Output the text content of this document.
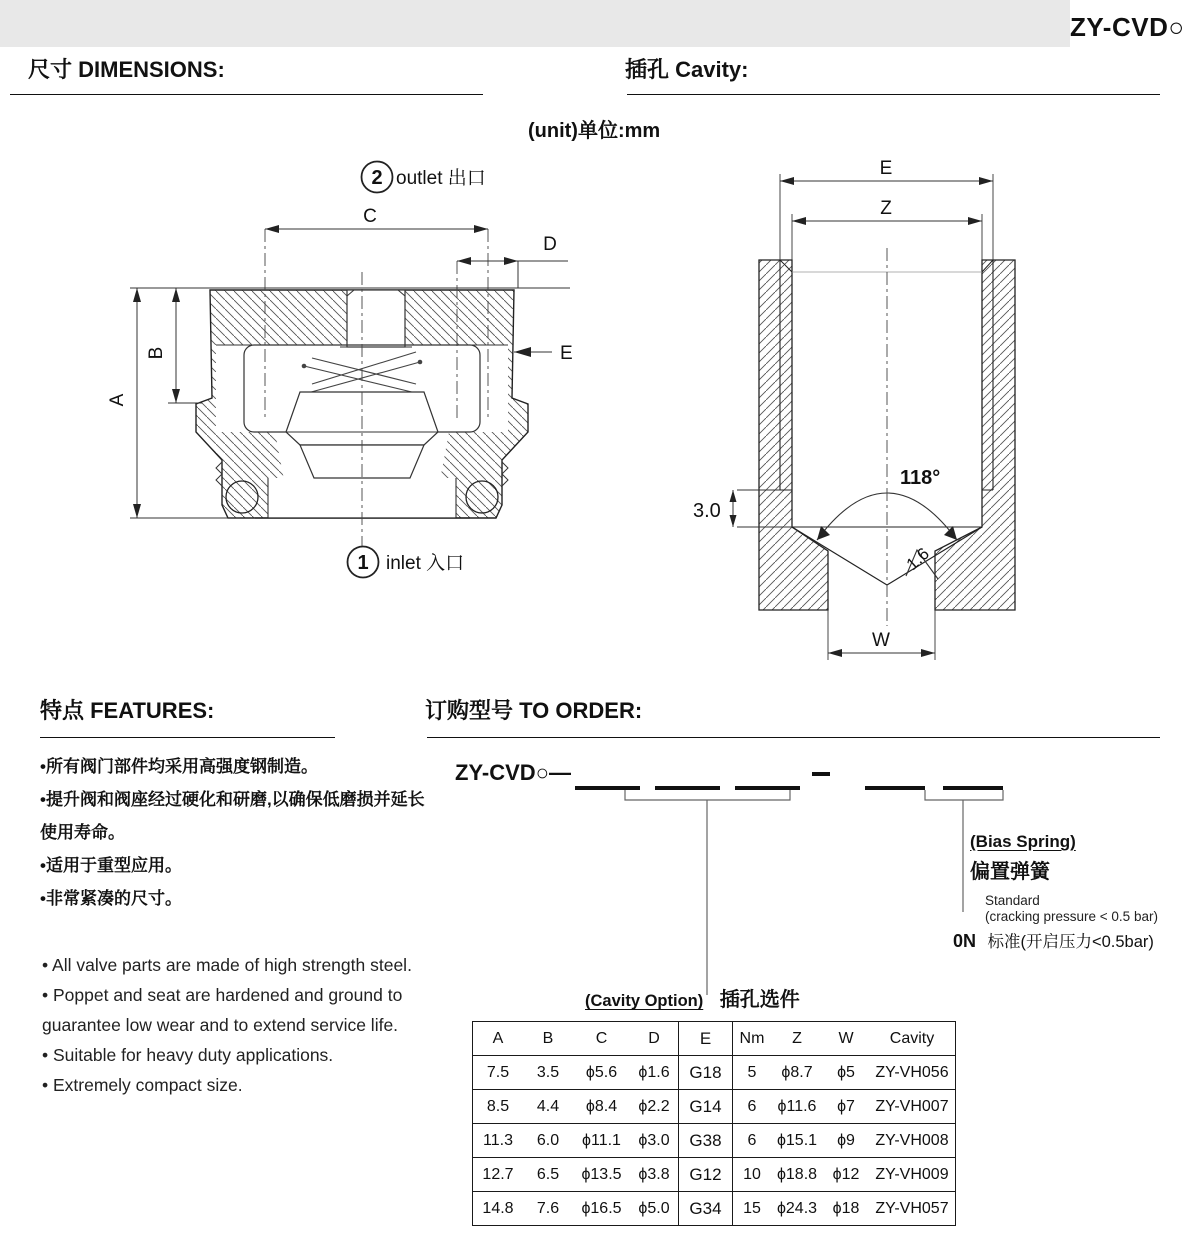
ZY-CVD○
尺寸 DIMENSIONS:	插孔 Cavity:
(unit)单位:mm
C
D
A
B	E
2 outlet 出口
1 inlet 入口
3.0
E
Z
W
118°
1.6
特点 FEATURES:
•所有阀门部件均采用高强度钢制造。
•提升阀和阀座经过硬化和研磨,以确保低磨损并延长使用寿命。
•适用于重型应用。
•非常紧凑的尺寸。
• All valve parts are made of high strength steel.
• Poppet and seat are hardened and ground to guarantee low wear and to extend service life.
• Suitable for heavy duty applications.
• Extremely compact size.
订购型号 TO ORDER:
ZY-CVD○—
(Bias Spring)
偏置弹簧
Standard
(cracking pressure < 0.5 bar)
0N 标准(开启压力<0.5bar)
(Cavity Option) 插孔选件
A	B	C	D	E	Nm	Z	W	Cavity
7.5	3.5	ϕ5.6	ϕ1.6	G18	5	ϕ8.7	ϕ5	ZY-VH056
8.5	4.4	ϕ8.4	ϕ2.2	G14	6	ϕ11.6	ϕ7	ZY-VH007
11.3	6.0	ϕ11.1	ϕ3.0	G38	6	ϕ15.1	ϕ9	ZY-VH008
12.7	6.5	ϕ13.5	ϕ3.8	G12	10	ϕ18.8	ϕ12	ZY-VH009
14.8	7.6	ϕ16.5	ϕ5.0	G34	15	ϕ24.3	ϕ18	ZY-VH057
